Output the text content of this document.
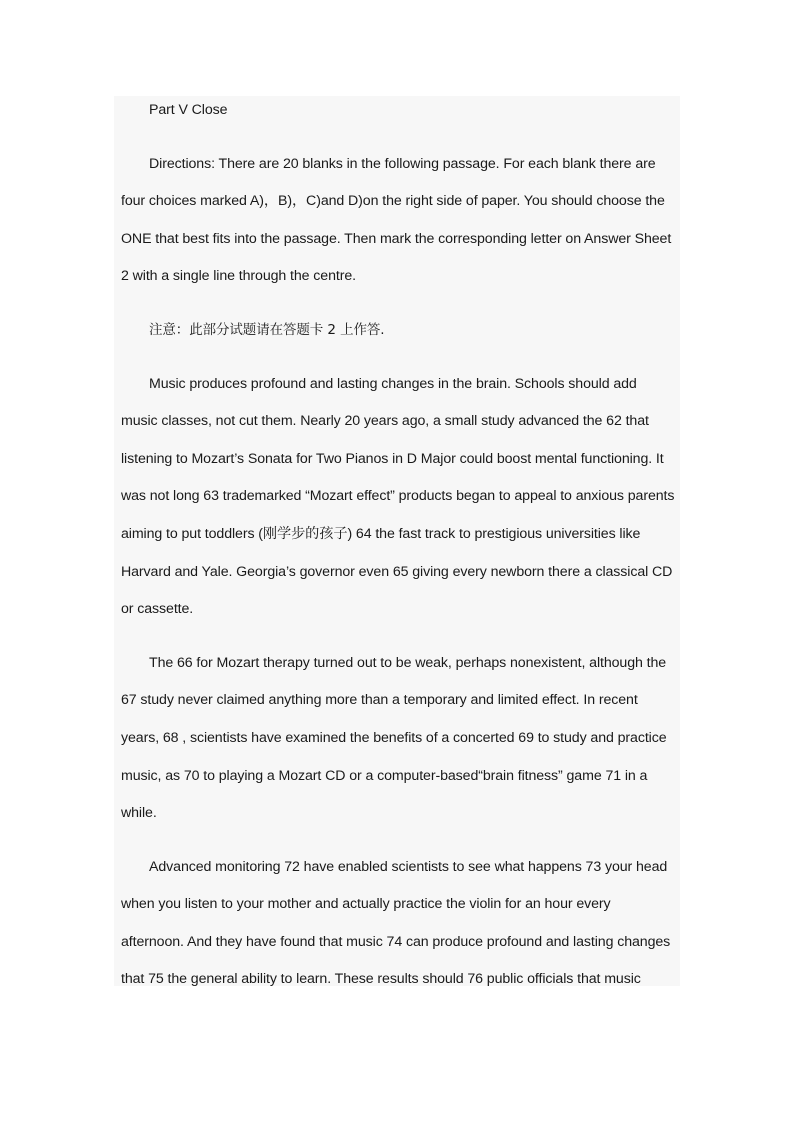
Part V Close

Directions: There are 20 blanks in the following passage. For each blank there are four choices marked A)，B)，C)and D)on the right side of paper. You should choose the ONE that best fits into the passage. Then mark the corresponding letter on Answer Sheet 2 with a single line through the centre.

注意：此部分试题请在答题卡 2 上作答.

Music produces profound and lasting changes in the brain. Schools should add music classes, not cut them. Nearly 20 years ago, a small study advanced the 62 that listening to Mozart’s Sonata for Two Pianos in D Major could boost mental functioning. It was not long 63 trademarked “Mozart effect” products began to appeal to anxious parents aiming to put toddlers (刚学步的孩子) 64 the fast track to prestigious universities like Harvard and Yale. Georgia’s governor even 65 giving every newborn there a classical CD or cassette.

The 66 for Mozart therapy turned out to be weak, perhaps nonexistent, although the 67 study never claimed anything more than a temporary and limited effect. In recent years, 68 , scientists have examined the benefits of a concerted 69 to study and practice music, as 70 to playing a Mozart CD or a computer-based“brain fitness” game 71 in a while.

Advanced monitoring 72 have enabled scientists to see what happens 73 your head when you listen to your mother and actually practice the violin for an hour every afternoon. And they have found that music 74 can produce profound and lasting changes that 75 the general ability to learn. These results should 76 public officials that music
